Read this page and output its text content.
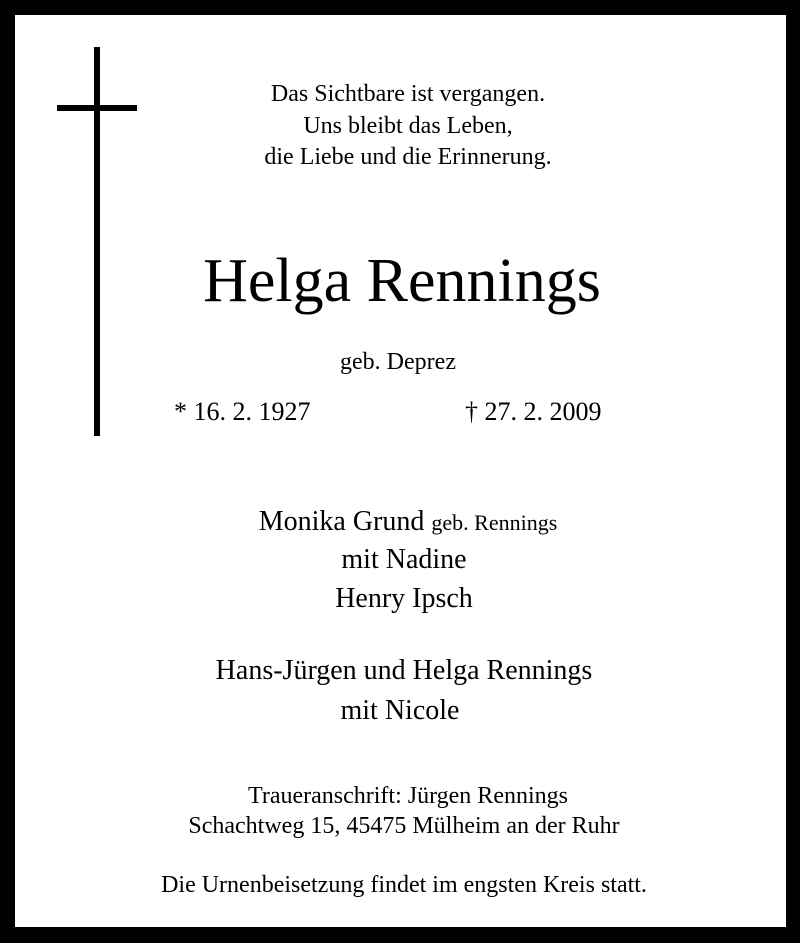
Das Sichtbare ist vergangen.
Uns bleibt das Leben,
die Liebe und die Erinnerung.
Helga Rennings
geb. Deprez
* 16. 2. 1927	† 27. 2. 2009
Monika Grund geb. Rennings
mit Nadine
Henry Ipsch
Hans-Jürgen und Helga Rennings
mit Nicole
Traueranschrift: Jürgen Rennings
Schachtweg 15, 45475 Mülheim an der Ruhr
Die Urnenbeisetzung findet im engsten Kreis statt.
